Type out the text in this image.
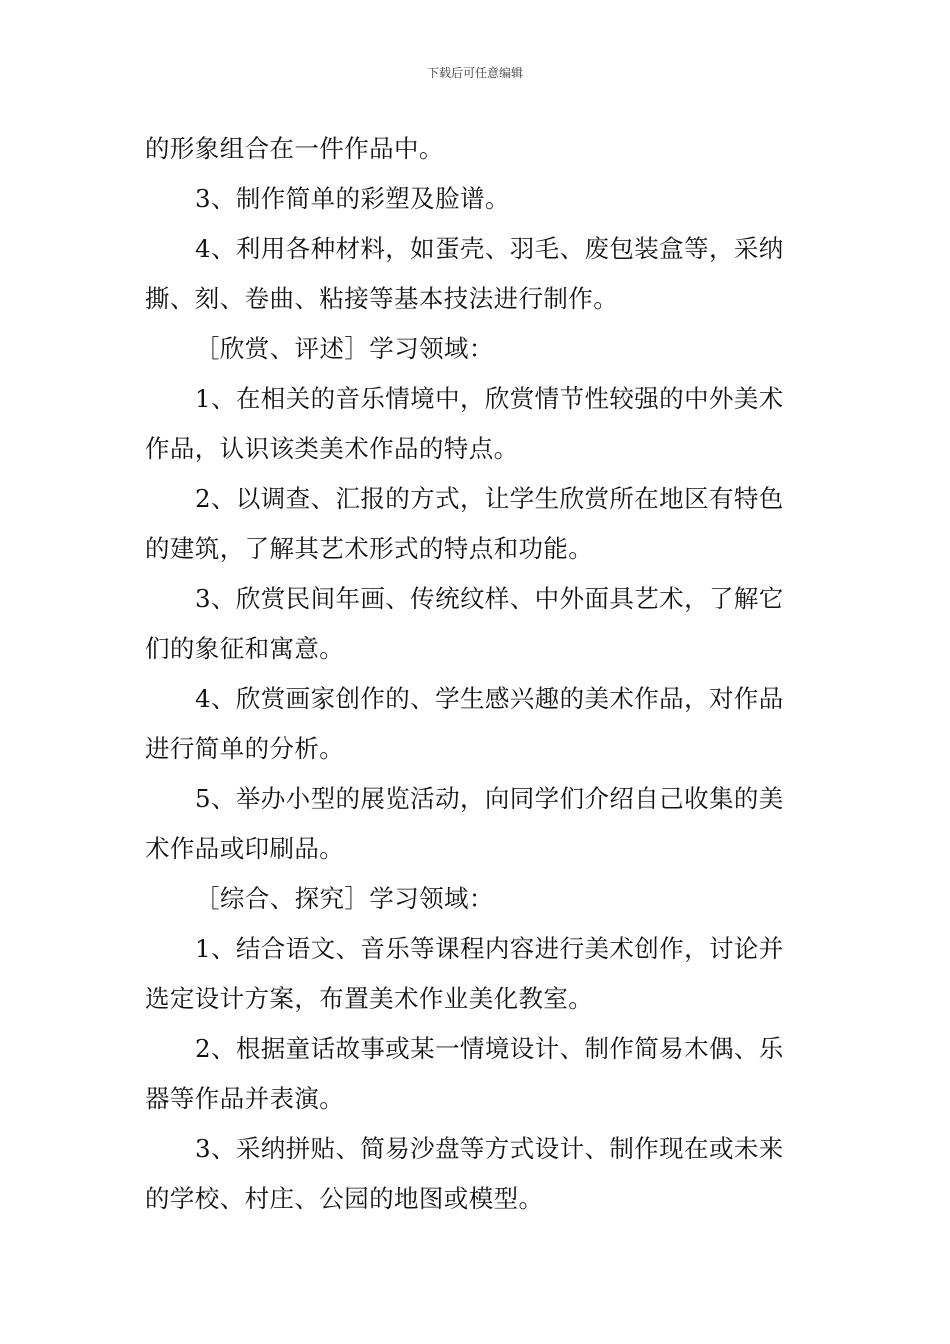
下载后可任意编辑
的形象组合在一件作品中。
3、制作简单的彩塑及脸谱。
4、利用各种材料，如蛋壳、羽毛、废包装盒等，采纳
撕、刻、卷曲、粘接等基本技法进行制作。
［欣赏、评述］学习领域：
1、在相关的音乐情境中，欣赏情节性较强的中外美术
作品，认识该类美术作品的特点。
2、以调查、汇报的方式，让学生欣赏所在地区有特色
的建筑，了解其艺术形式的特点和功能。
3、欣赏民间年画、传统纹样、中外面具艺术，了解它
们的象征和寓意。
4、欣赏画家创作的、学生感兴趣的美术作品，对作品
进行简单的分析。
5、举办小型的展览活动，向同学们介绍自己收集的美
术作品或印刷品。
［综合、探究］学习领域：
1、结合语文、音乐等课程内容进行美术创作，讨论并
选定设计方案，布置美术作业美化教室。
2、根据童话故事或某一情境设计、制作简易木偶、乐
器等作品并表演。
3、采纳拼贴、简易沙盘等方式设计、制作现在或未来
的学校、村庄、公园的地图或模型。
